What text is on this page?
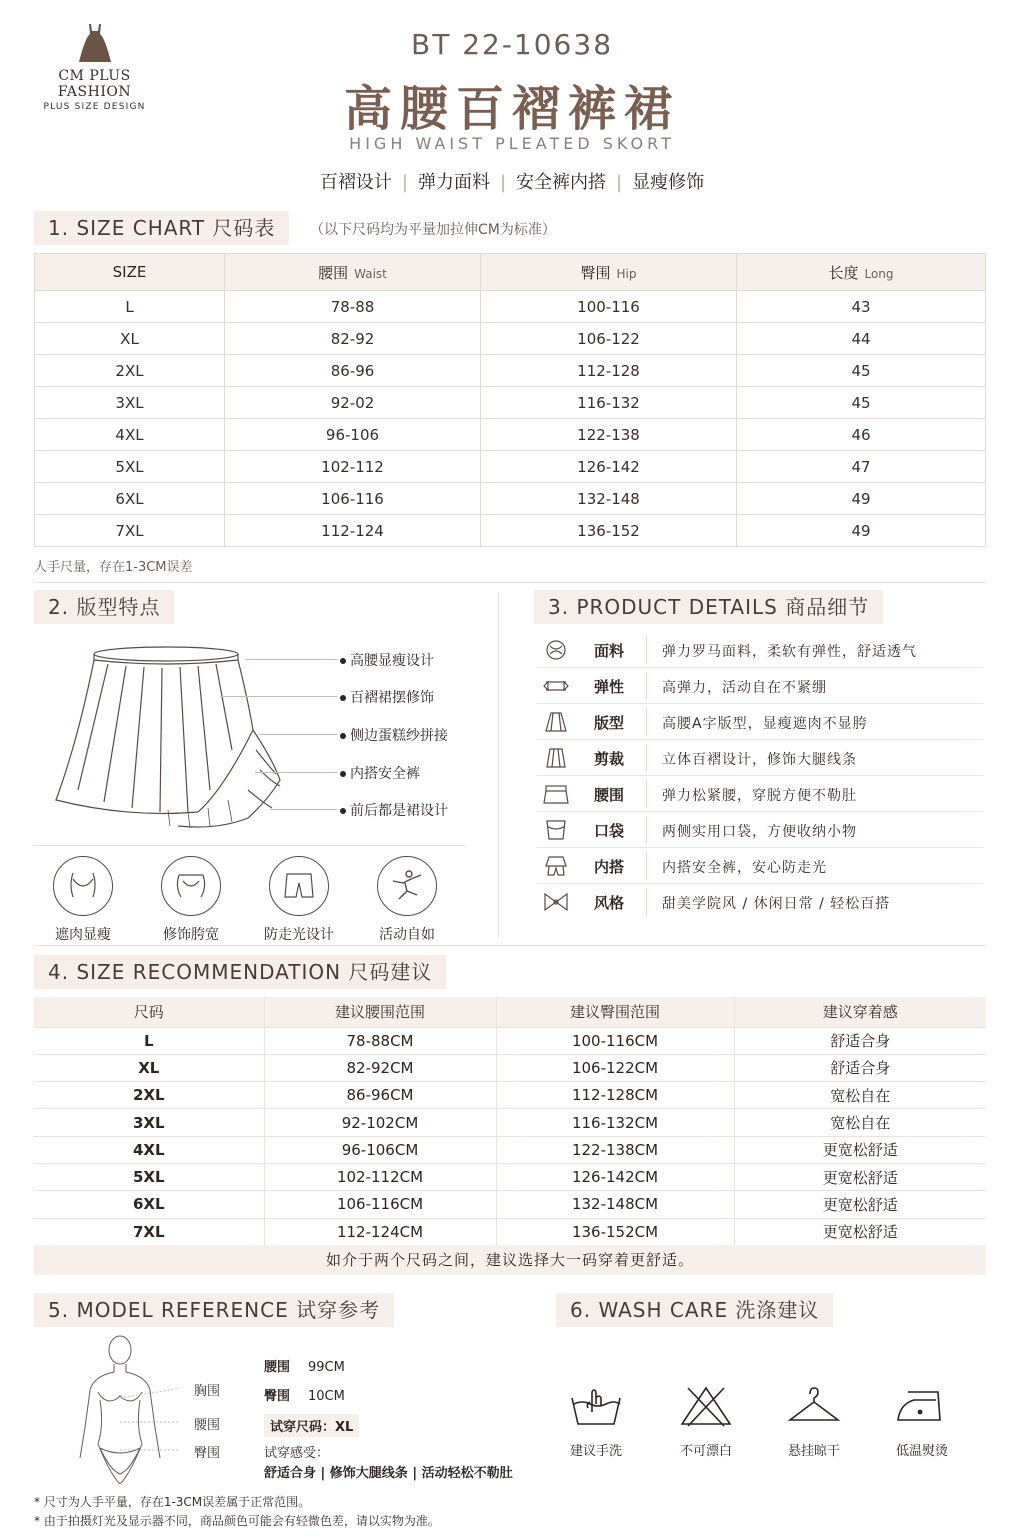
CM PLUS FASHION
PLUS SIZE DESIGN
BT 22-10638
高腰百褶裤裙
HIGH WAIST PLEATED SKORT
百褶设计 | 弹力面料 | 安全裤内搭 | 显瘦修饰
1. SIZE CHART 尺码表	（以下尺码均为平量加拉伸CM为标准）
SIZE	腰围 Waist	臀围 Hip	长度 Long
L	78-88	100-116	43
XL	82-92	106-122	44
2XL	86-96	112-128	45
3XL	92-02	116-132	45
4XL	96-106	122-138	46
5XL	102-112	126-142	47
6XL	106-116	132-148	49
7XL	112-124	136-152	49
人手尺量，存在1-3CM误差
2. 版型特点
高腰显瘦设计
百褶裙摆修饰
侧边蛋糕纱拼接
内搭安全裤
前后都是裙设计
遮肉显瘦	修饰胯宽	防走光设计	活动自如
3. PRODUCT DETAILS 商品细节
面料	弹力罗马面料，柔软有弹性，舒适透气
弹性	高弹力，活动自在不紧绷
版型	高腰A字版型，显瘦遮肉不显胯
剪裁	立体百褶设计，修饰大腿线条
腰围	弹力松紧腰，穿脱方便不勒肚
口袋	两侧实用口袋，方便收纳小物
内搭	内搭安全裤，安心防走光
风格	甜美学院风 / 休闲日常 / 轻松百搭
4. SIZE RECOMMENDATION 尺码建议
尺码	建议腰围范围	建议臀围范围	建议穿着感
L	78-88CM	100-116CM	舒适合身
XL	82-92CM	106-122CM	舒适合身
2XL	86-96CM	112-128CM	宽松自在
3XL	92-102CM	116-132CM	宽松自在
4XL	96-106CM	122-138CM	更宽松舒适
5XL	102-112CM	126-142CM	更宽松舒适
6XL	106-116CM	132-148CM	更宽松舒适
7XL	112-124CM	136-152CM	更宽松舒适
如介于两个尺码之间，建议选择大一码穿着更舒适。
5. MODEL REFERENCE 试穿参考
胸围
腰围
臀围
腰围 99CM
臀围 10CM
试穿尺码：XL
试穿感受：
舒适合身 | 修饰大腿线条 | 活动轻松不勒肚
6. WASH CARE 洗涤建议
建议手洗	不可漂白	悬挂晾干	低温熨烫
* 尺寸为人手平量，存在1-3CM误差属于正常范围。
* 由于拍摄灯光及显示器不同，商品颜色可能会有轻微色差，请以实物为准。
